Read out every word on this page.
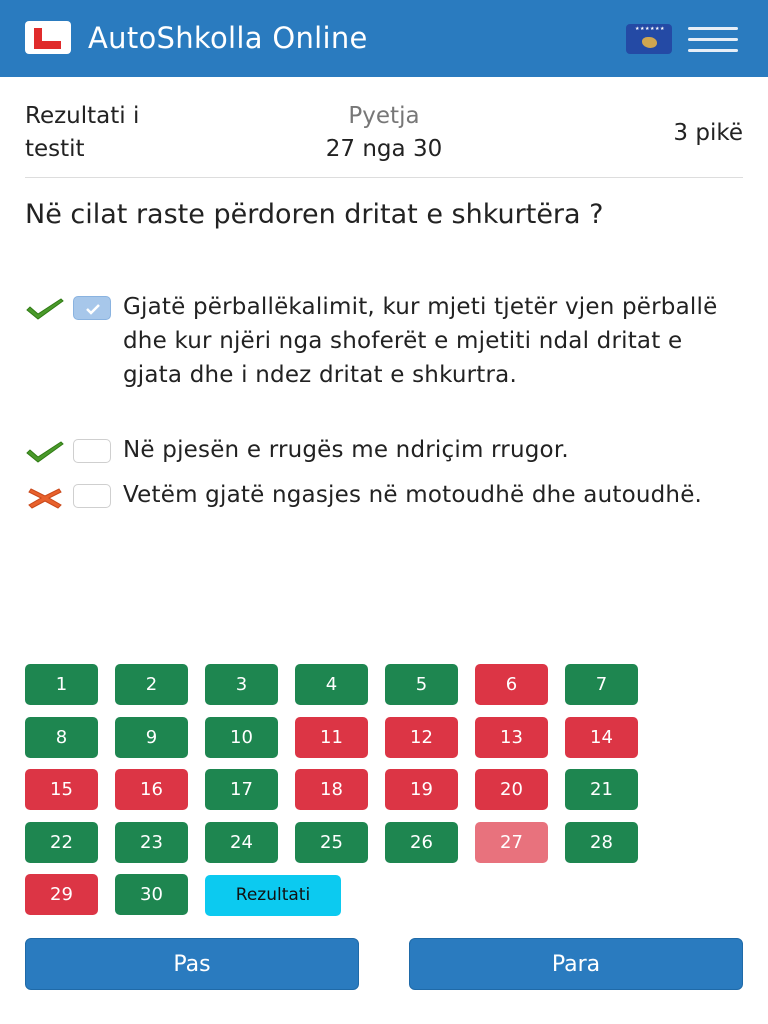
AutoShkolla Online	★★★★★★
Rezultati i testit
Pyetja
27 nga 30
3 pikë
Në cilat raste përdoren dritat e shkurtëra ?
Gjatë përballëkalimit, kur mjeti tjetër vjen përballë dhe kur njëri nga shoferët e mjetiti ndal dritat e gjata dhe i ndez dritat e shkurtra.
Në pjesën e rrugës me ndriçim rrugor.
Vetëm gjatë ngasjes në motoudhë dhe autoudhë.
1	2	3	4	5	6	7
8	9	10	11	12	13	14
15	16	17	18	19	20	21
22	23	24	25	26	27	28
29	30	Rezultati
Pas	Para
